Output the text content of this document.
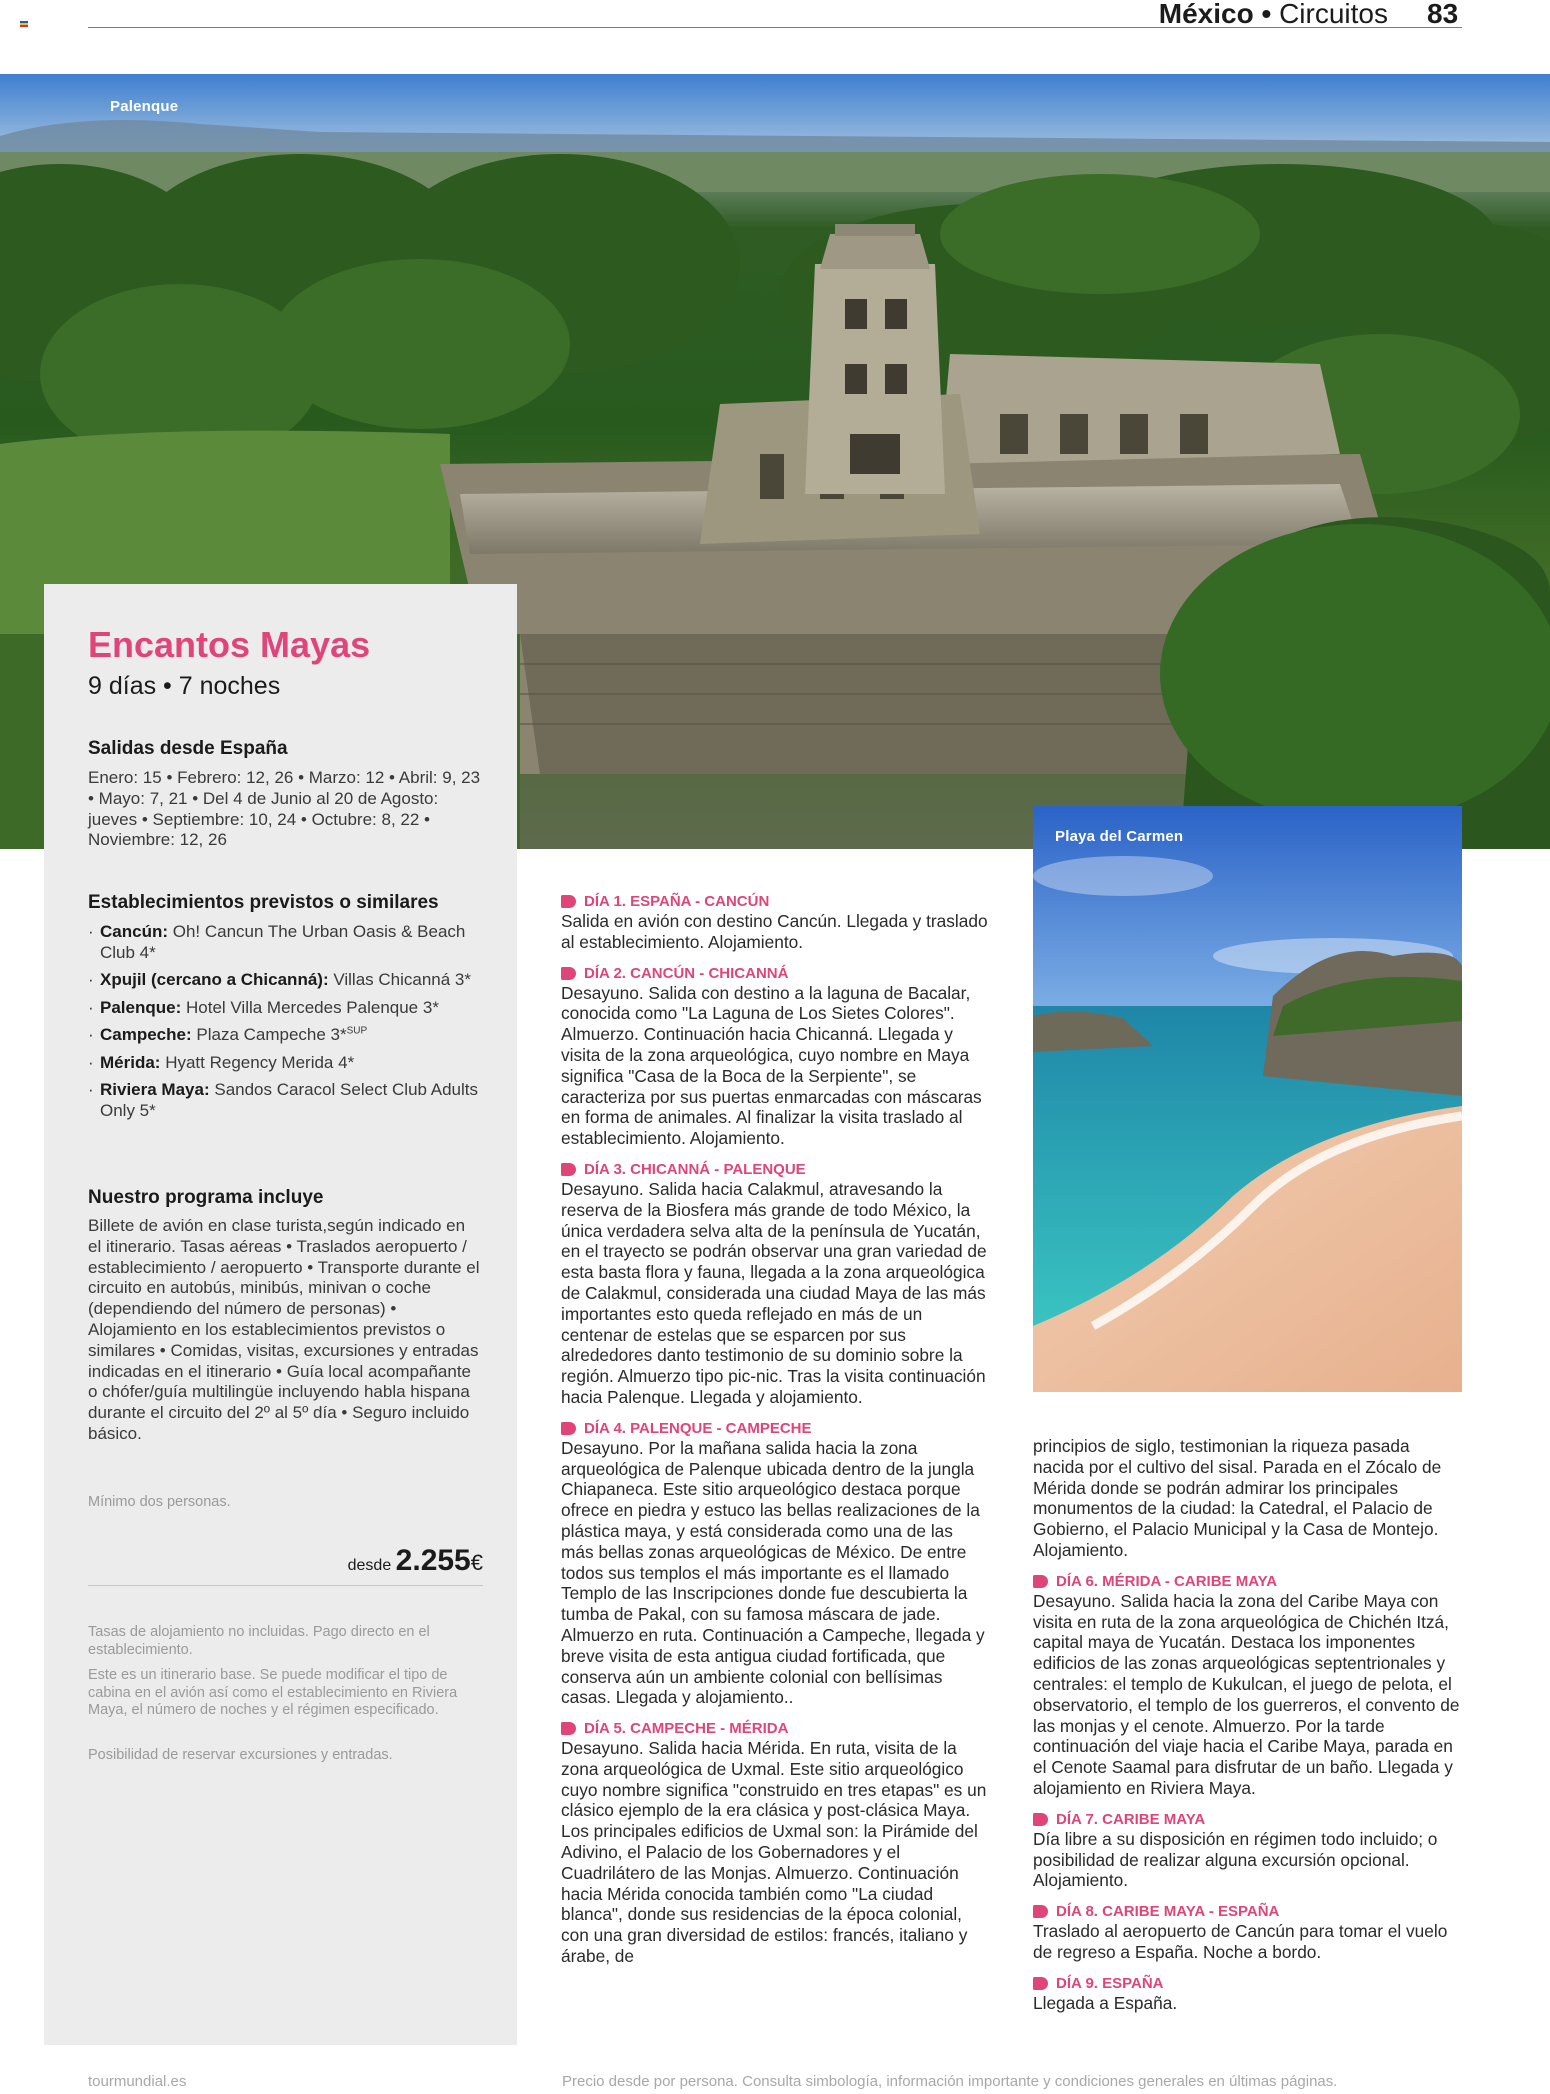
México • Circuitos 83
Palenque
Encantos Mayas
9 días • 7 noches
Salidas desde España
Enero: 15 • Febrero: 12, 26 • Marzo: 12 • Abril: 9, 23 • Mayo: 7, 21 • Del 4 de Junio al 20 de Agosto: jueves • Septiembre: 10, 24 • Octubre: 8, 22 • Noviembre: 12, 26
Establecimientos previstos o similares
· Cancún: Oh! Cancun The Urban Oasis & Beach Club 4*
· Xpujil (cercano a Chicanná): Villas Chicanná 3*
· Palenque: Hotel Villa Mercedes Palenque 3*
· Campeche: Plaza Campeche 3*$^{SUP}$
· Mérida: Hyatt Regency Merida 4*
· Riviera Maya: Sandos Caracol Select Club Adults Only 5*
Nuestro programa incluye
Billete de avión en clase turista,según indicado en el itinerario. Tasas aéreas • Traslados aeropuerto / establecimiento / aeropuerto • Transporte durante el circuito en autobús, minibús, minivan o coche (dependiendo del número de personas) • Alojamiento en los establecimientos previstos o similares • Comidas, visitas, excursiones y entradas indicadas en el itinerario • Guía local acompañante o chófer/guía multilingüe incluyendo habla hispana durante el circuito del 2º al 5º día • Seguro incluido básico.
Mínimo dos personas.
desde 2.255€
Tasas de alojamiento no incluidas. Pago directo en el establecimiento.
Este es un itinerario base. Se puede modificar el tipo de cabina en el avión así como el establecimiento en Riviera Maya, el número de noches y el régimen especificado.
Posibilidad de reservar excursiones y entradas.
DÍA 1. ESPAÑA - CANCÚN
Salida en avión con destino Cancún. Llegada y traslado al establecimiento. Alojamiento.
DÍA 2. CANCÚN - CHICANNÁ
Desayuno. Salida con destino a la laguna de Bacalar, conocida como "La Laguna de Los Sietes Colores". Almuerzo. Continuación hacia Chicanná. Llegada y visita de la zona arqueológica, cuyo nombre en Maya significa "Casa de la Boca de la Serpiente", se caracteriza por sus puertas enmarcadas con máscaras en forma de animales. Al finalizar la visita traslado al establecimiento. Alojamiento.
DÍA 3. CHICANNÁ - PALENQUE
Desayuno. Salida hacia Calakmul, atravesando la reserva de la Biosfera más grande de todo México, la única verdadera selva alta de la península de Yucatán, en el trayecto se podrán observar una gran variedad de esta basta flora y fauna, llegada a la zona arqueológica de Calakmul, considerada una ciudad Maya de las más importantes esto queda reflejado en más de un centenar de estelas que se esparcen por sus alrededores danto testimonio de su dominio sobre la región. Almuerzo tipo pic-nic. Tras la visita continuación hacia Palenque. Llegada y alojamiento.
DÍA 4. PALENQUE - CAMPECHE
Desayuno. Por la mañana salida hacia la zona arqueológica de Palenque ubicada dentro de la jungla Chiapaneca. Este sitio arqueológico destaca porque ofrece en piedra y estuco las bellas realizaciones de la plástica maya, y está considerada como una de las más bellas zonas arqueológicas de México. De entre todos sus templos el más importante es el llamado Templo de las Inscripciones donde fue descubierta la tumba de Pakal, con su famosa máscara de jade. Almuerzo en ruta. Continuación a Campeche, llegada y breve visita de esta antigua ciudad fortificada, que conserva aún un ambiente colonial con bellísimas casas. Llegada y alojamiento..
DÍA 5. CAMPECHE - MÉRIDA
Desayuno. Salida hacia Mérida. En ruta, visita de la zona arqueológica de Uxmal. Este sitio arqueológico cuyo nombre significa "construido en tres etapas" es un clásico ejemplo de la era clásica y post-clásica Maya. Los principales edificios de Uxmal son: la Pirámide del Adivino, el Palacio de los Gobernadores y el Cuadrilátero de las Monjas. Almuerzo. Continuación hacia Mérida conocida también como "La ciudad blanca", donde sus residencias de la época colonial, con una gran diversidad de estilos: francés, italiano y árabe, de
Playa del Carmen
principios de siglo, testimonian la riqueza pasada nacida por el cultivo del sisal. Parada en el Zócalo de Mérida donde se podrán admirar los principales monumentos de la ciudad: la Catedral, el Palacio de Gobierno, el Palacio Municipal y la Casa de Montejo. Alojamiento.
DÍA 6. MÉRIDA - CARIBE MAYA
Desayuno. Salida hacia la zona del Caribe Maya con visita en ruta de la zona arqueológica de Chichén Itzá, capital maya de Yucatán. Destaca los imponentes edificios de las zonas arqueológicas septentrionales y centrales: el templo de Kukulcan, el juego de pelota, el observatorio, el templo de los guerreros, el convento de las monjas y el cenote. Almuerzo. Por la tarde continuación del viaje hacia el Caribe Maya, parada en el Cenote Saamal para disfrutar de un baño. Llegada y alojamiento en Riviera Maya.
DÍA 7. CARIBE MAYA
Día libre a su disposición en régimen todo incluido; o posibilidad de realizar alguna excursión opcional. Alojamiento.
DÍA 8. CARIBE MAYA - ESPAÑA
Traslado al aeropuerto de Cancún para tomar el vuelo de regreso a España. Noche a bordo.
DÍA 9. ESPAÑA
Llegada a España.
tourmundial.es	Precio desde por persona. Consulta simbología, información importante y condiciones generales en últimas páginas.
